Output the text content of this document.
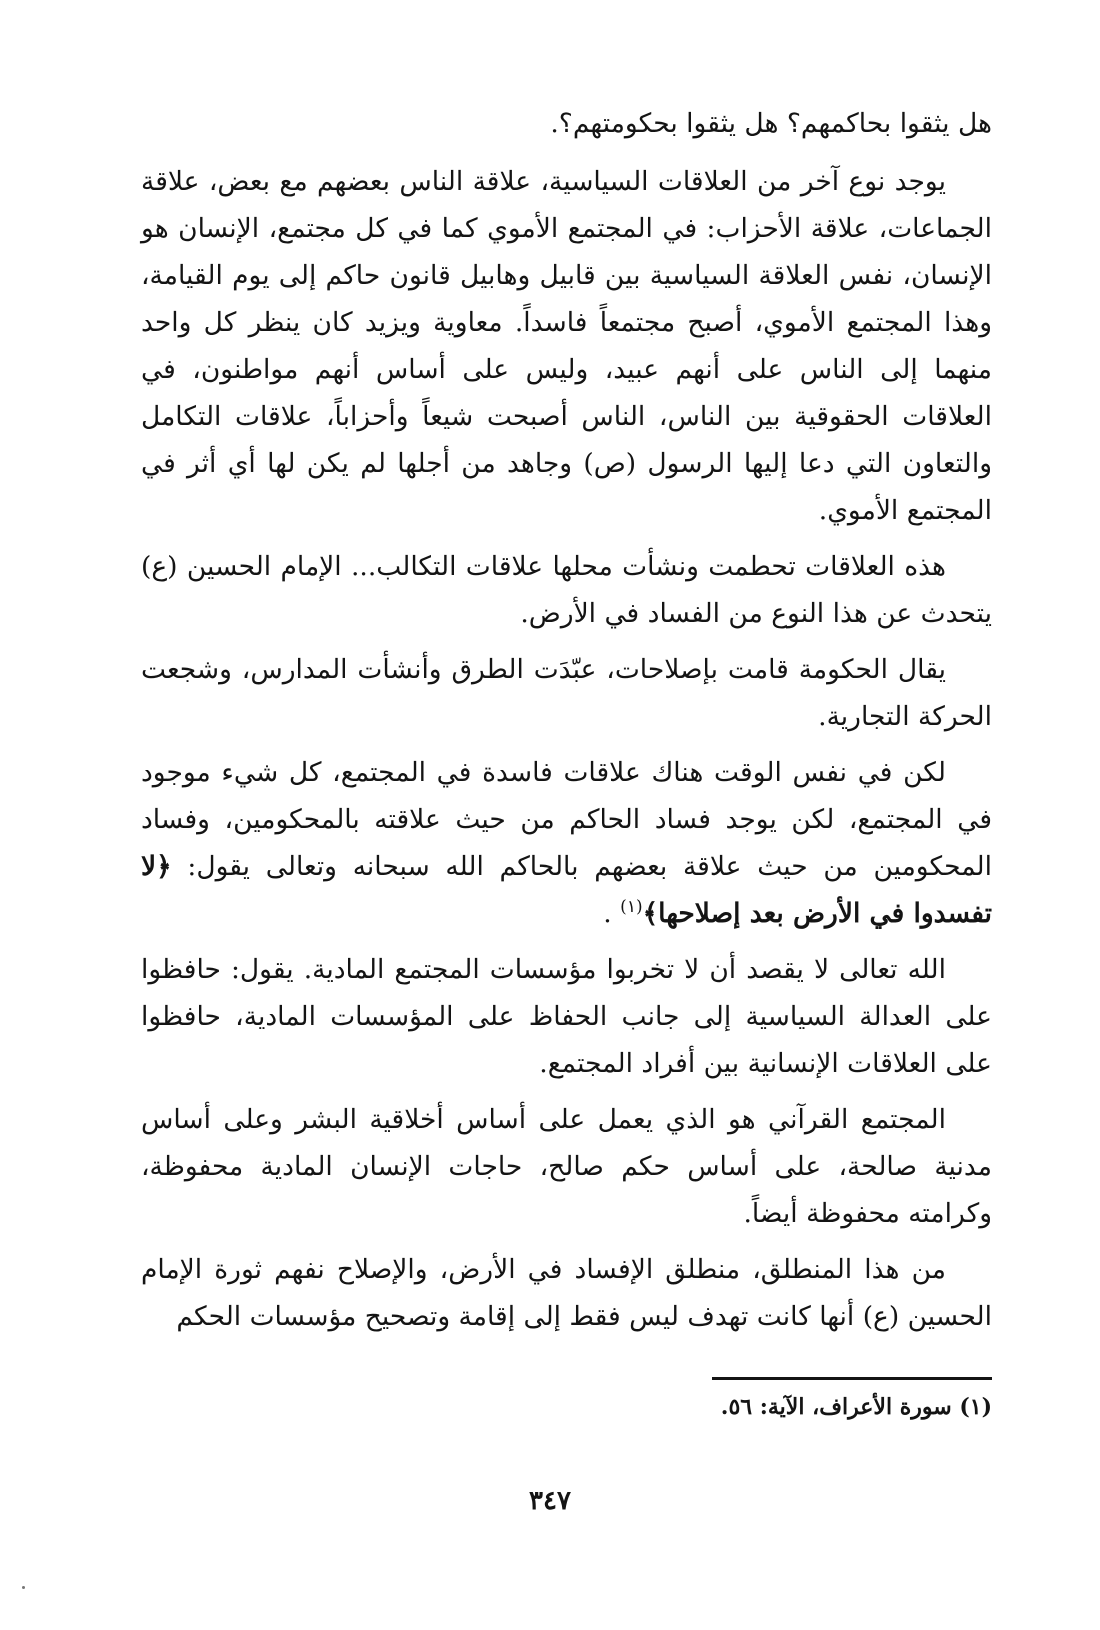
هل يثقوا بحاكمهم؟ هل يثقوا بحكومتهم؟.

يوجد نوع آخر من العلاقات السياسية، علاقة الناس بعضهم مع بعض، علاقة الجماعات، علاقة الأحزاب: في المجتمع الأموي كما في كل مجتمع، الإنسان هو الإنسان، نفس العلاقة السياسية بين قابيل وهابيل قانون حاكم إلى يوم القيامة، وهذا المجتمع الأموي، أصبح مجتمعاً فاسداً. معاوية ويزيد كان ينظر كل واحد منهما إلى الناس على أنهم عبيد، وليس على أساس أنهم مواطنون، في العلاقات الحقوقية بين الناس، الناس أصبحت شيعاً وأحزاباً، علاقات التكامل والتعاون التي دعا إليها الرسول (ص) وجاهد من أجلها لم يكن لها أي أثر في المجتمع الأموي.

هذه العلاقات تحطمت ونشأت محلها علاقات التكالب... الإمام الحسين (ع) يتحدث عن هذا النوع من الفساد في الأرض.

يقال الحكومة قامت بإصلاحات، عبّدَت الطرق وأنشأت المدارس، وشجعت الحركة التجارية.

لكن في نفس الوقت هناك علاقات فاسدة في المجتمع، كل شيء موجود في المجتمع، لكن يوجد فساد الحاكم من حيث علاقته بالمحكومين، وفساد المحكومين من حيث علاقة بعضهم بالحاكم الله سبحانه وتعالى يقول: ﴿لا تفسدوا في الأرض بعد إصلاحها﴾$^{(١)}$ .

الله تعالى لا يقصد أن لا تخربوا مؤسسات المجتمع المادية. يقول: حافظوا على العدالة السياسية إلى جانب الحفاظ على المؤسسات المادية، حافظوا على العلاقات الإنسانية بين أفراد المجتمع.

المجتمع القرآني هو الذي يعمل على أساس أخلاقية البشر وعلى أساس مدنية صالحة، على أساس حكم صالح، حاجات الإنسان المادية محفوظة، وكرامته محفوظة أيضاً.

من هذا المنطلق، منطلق الإفساد في الأرض، والإصلاح نفهم ثورة الإمام الحسين (ع) أنها كانت تهدف ليس فقط إلى إقامة وتصحيح مؤسسات الحكم

(١) سورة الأعراف، الآية: ٥٦.
٣٤٧
